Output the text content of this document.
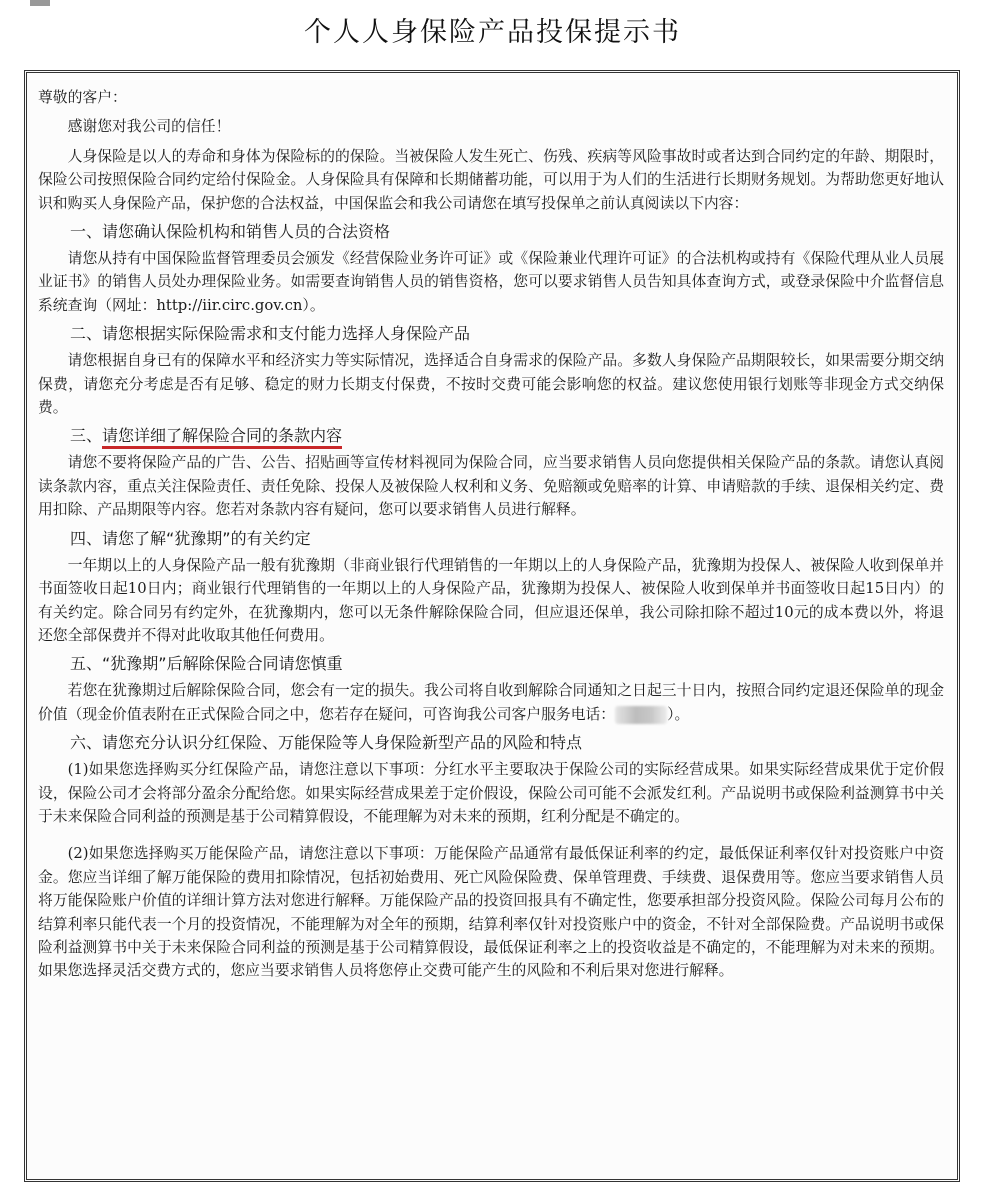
个人人身保险产品投保提示书
尊敬的客户：

感谢您对我公司的信任！

人身保险是以人的寿命和身体为保险标的的保险。当被保险人发生死亡、伤残、疾病等风险事故时或者达到合同约定的年龄、期限时，保险公司按照保险合同约定给付保险金。人身保险具有保障和长期储蓄功能，可以用于为人们的生活进行长期财务规划。为帮助您更好地认识和购买人身保险产品，保护您的合法权益，中国保监会和我公司请您在填写投保单之前认真阅读以下内容：

一、请您确认保险机构和销售人员的合法资格

请您从持有中国保险监督管理委员会颁发《经营保险业务许可证》或《保险兼业代理许可证》的合法机构或持有《保险代理从业人员展业证书》的销售人员处办理保险业务。如需要查询销售人员的销售资格，您可以要求销售人员告知具体查询方式，或登录保险中介监督信息系统查询（网址：http://iir.circ.gov.cn）。

二、请您根据实际保险需求和支付能力选择人身保险产品

请您根据自身已有的保障水平和经济实力等实际情况，选择适合自身需求的保险产品。多数人身保险产品期限较长，如果需要分期交纳保费，请您充分考虑是否有足够、稳定的财力长期支付保费，不按时交费可能会影响您的权益。建议您使用银行划账等非现金方式交纳保费。

三、请您详细了解保险合同的条款内容

请您不要将保险产品的广告、公告、招贴画等宣传材料视同为保险合同，应当要求销售人员向您提供相关保险产品的条款。请您认真阅读条款内容，重点关注保险责任、责任免除、投保人及被保险人权利和义务、免赔额或免赔率的计算、申请赔款的手续、退保相关约定、费用扣除、产品期限等内容。您若对条款内容有疑问，您可以要求销售人员进行解释。

四、请您了解“犹豫期”的有关约定

一年期以上的人身保险产品一般有犹豫期（非商业银行代理销售的一年期以上的人身保险产品，犹豫期为投保人、被保险人收到保单并书面签收日起10日内；商业银行代理销售的一年期以上的人身保险产品，犹豫期为投保人、被保险人收到保单并书面签收日起15日内）的有关约定。除合同另有约定外，在犹豫期内，您可以无条件解除保险合同，但应退还保单，我公司除扣除不超过10元的成本费以外，将退还您全部保费并不得对此收取其他任何费用。

五、“犹豫期”后解除保险合同请您慎重

若您在犹豫期过后解除保险合同，您会有一定的损失。我公司将自收到解除合同通知之日起三十日内，按照合同约定退还保险单的现金价值（现金价值表附在正式保险合同之中，您若存在疑问，可咨询我公司客户服务电话：	）。

六、请您充分认识分红保险、万能保险等人身保险新型产品的风险和特点

(1)如果您选择购买分红保险产品，请您注意以下事项：分红水平主要取决于保险公司的实际经营成果。如果实际经营成果优于定价假设，保险公司才会将部分盈余分配给您。如果实际经营成果差于定价假设，保险公司可能不会派发红利。产品说明书或保险利益测算书中关于未来保险合同利益的预测是基于公司精算假设，不能理解为对未来的预期，红利分配是不确定的。

(2)如果您选择购买万能保险产品，请您注意以下事项：万能保险产品通常有最低保证利率的约定，最低保证利率仅针对投资账户中资金。您应当详细了解万能保险的费用扣除情况，包括初始费用、死亡风险保险费、保单管理费、手续费、退保费用等。您应当要求销售人员将万能保险账户价值的详细计算方法对您进行解释。万能保险产品的投资回报具有不确定性，您要承担部分投资风险。保险公司每月公布的结算利率只能代表一个月的投资情况，不能理解为对全年的预期，结算利率仅针对投资账户中的资金，不针对全部保险费。产品说明书或保险利益测算书中关于未来保险合同利益的预测是基于公司精算假设，最低保证利率之上的投资收益是不确定的，不能理解为对未来的预期。如果您选择灵活交费方式的，您应当要求销售人员将您停止交费可能产生的风险和不利后果对您进行解释。
